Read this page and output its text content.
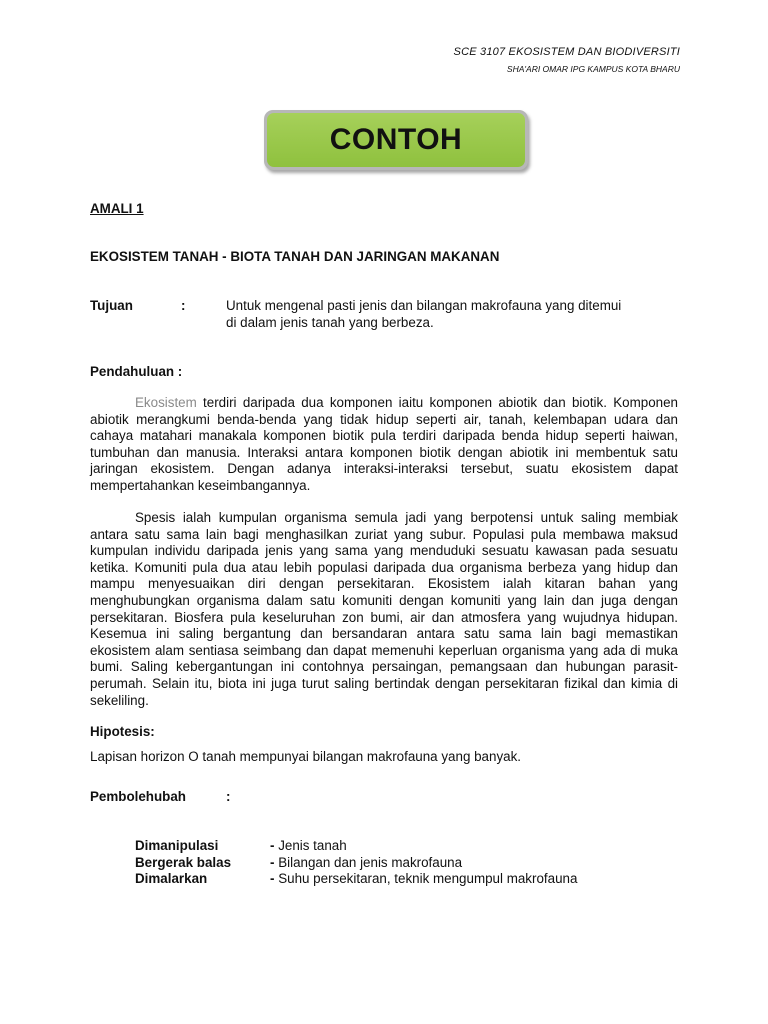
SCE 3107 EKOSISTEM DAN BIODIVERSITI
SHA'ARI OMAR IPG KAMPUS KOTA BHARU
CONTOH
AMALI 1
EKOSISTEM TANAH - BIOTA TANAH DAN JARINGAN MAKANAN
Tujuan	:	Untuk mengenal pasti jenis dan bilangan makrofauna yang ditemui
di dalam jenis tanah yang berbeza.
Pendahuluan :
Ekosistem terdiri daripada dua komponen iaitu komponen abiotik dan biotik. Komponen abiotik merangkumi benda-benda yang tidak hidup seperti air, tanah, kelembapan udara dan cahaya matahari manakala komponen biotik pula terdiri daripada benda hidup seperti haiwan, tumbuhan dan manusia. Interaksi antara komponen biotik dengan abiotik ini membentuk satu jaringan ekosistem. Dengan adanya interaksi-interaksi tersebut, suatu ekosistem dapat mempertahankan keseimbangannya.
Spesis ialah kumpulan organisma semula jadi yang berpotensi untuk saling membiak antara satu sama lain bagi menghasilkan zuriat yang subur. Populasi pula membawa maksud kumpulan individu daripada jenis yang sama yang menduduki sesuatu kawasan pada sesuatu ketika. Komuniti pula dua atau lebih populasi daripada dua organisma berbeza yang hidup dan mampu menyesuaikan diri dengan persekitaran. Ekosistem ialah kitaran bahan yang menghubungkan organisma dalam satu komuniti dengan komuniti yang lain dan juga dengan persekitaran. Biosfera pula keseluruhan zon bumi, air dan atmosfera yang wujudnya hidupan. Kesemua ini saling bergantung dan bersandaran antara satu sama lain bagi memastikan ekosistem alam sentiasa seimbang dan dapat memenuhi keperluan organisma yang ada di muka bumi. Saling kebergantungan ini contohnya persaingan, pemangsaan dan hubungan parasit-perumah. Selain itu, biota ini juga turut saling bertindak dengan persekitaran fizikal dan kimia di sekeliling.
Hipotesis:
Lapisan horizon O tanah mempunyai bilangan makrofauna yang banyak.
Pembolehubah	:
Dimanipulasi	- Jenis tanah
Bergerak balas	- Bilangan dan jenis makrofauna
Dimalarkan	- Suhu persekitaran, teknik mengumpul makrofauna
